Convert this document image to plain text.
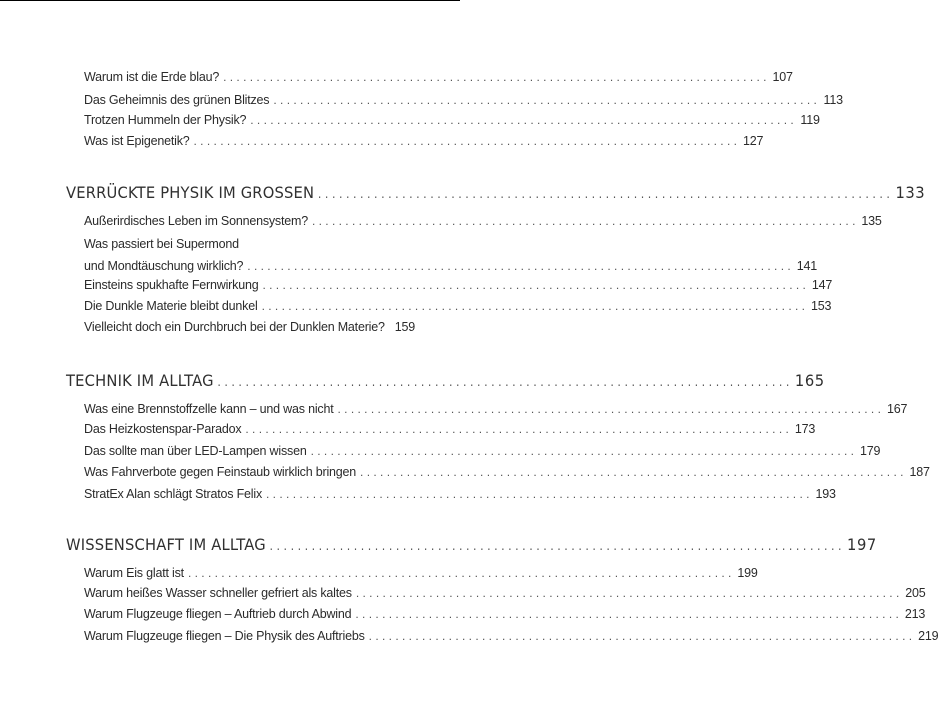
Warum ist die Erde blau? . . .	107
Das Geheimnis des grünen Blitzes . . .	113
Trotzen Hummeln der Physik? . . .	119
Was ist Epigenetik? . . .	127
VERRÜCKTE PHYSIK IM GROSSEN . . .	133
Außerirdisches Leben im Sonnensystem? . . .	135
Was passiert bei Supermond
und Mondtäuschung wirklich? . . .	141
Einsteins spukhafte Fernwirkung . . .	147
Die Dunkle Materie bleibt dunkel . . .	153
Vielleicht doch ein Durchbruch bei der Dunklen Materie? 159
TECHNIK IM ALLTAG . . .	165
Was eine Brennstoffzelle kann – und was nicht . . .	167
Das Heizkostenspar-Paradox . . .	173
Das sollte man über LED-Lampen wissen . . .	179
Was Fahrverbote gegen Feinstaub wirklich bringen . . .	187
StratEx Alan schlägt Stratos Felix . . .	193
WISSENSCHAFT IM ALLTAG . . .	197
Warum Eis glatt ist . . .	199
Warum heißes Wasser schneller gefriert als kaltes . . .	205
Warum Flugzeuge fliegen – Auftrieb durch Abwind . . .	213
Warum Flugzeuge fliegen – Die Physik des Auftriebs . . .	219
